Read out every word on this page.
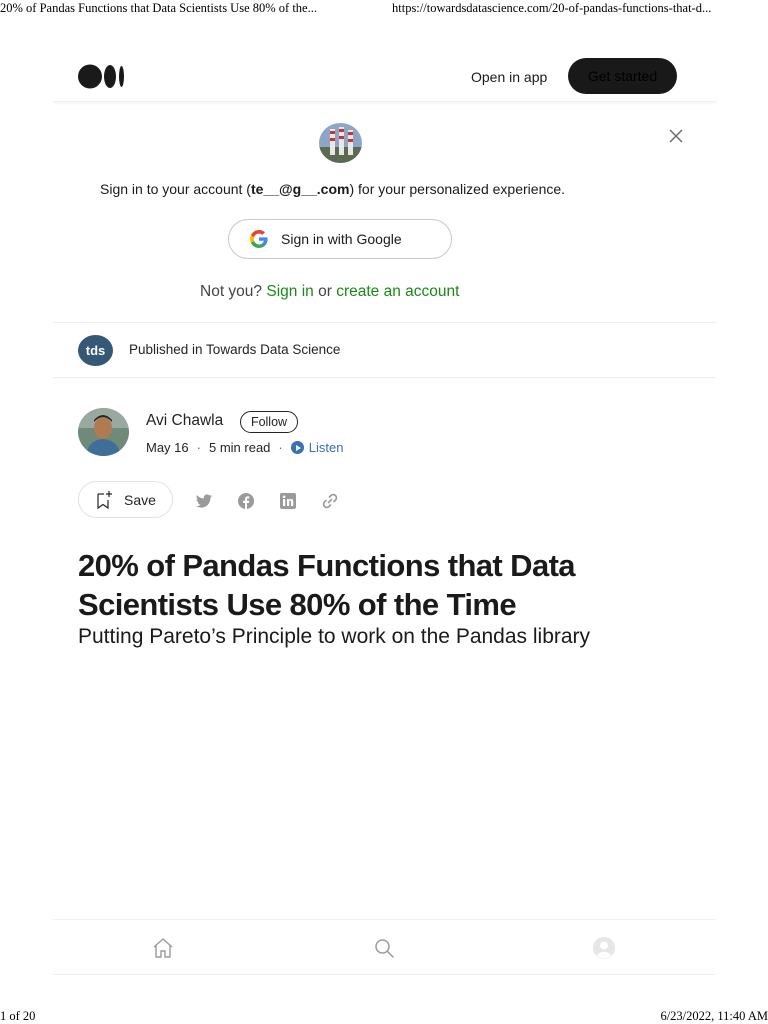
20% of Pandas Functions that Data Scientists Use 80% of the...	https://towardsdatascience.com/20-of-pandas-functions-that-d...
Open in app	Get started
Sign in to your account (te__@g__.com) for your personalized experience.
Sign in with Google
Not you? Sign in or create an account
tds	Published in Towards Data Science
Avi Chawla	Follow
May 16 · 5 min read · Listen
Save
20% of Pandas Functions that Data Scientists Use 80% of the Time
Putting Pareto’s Principle to work on the Pandas library
1 of 20	6/23/2022, 11:40 AM
